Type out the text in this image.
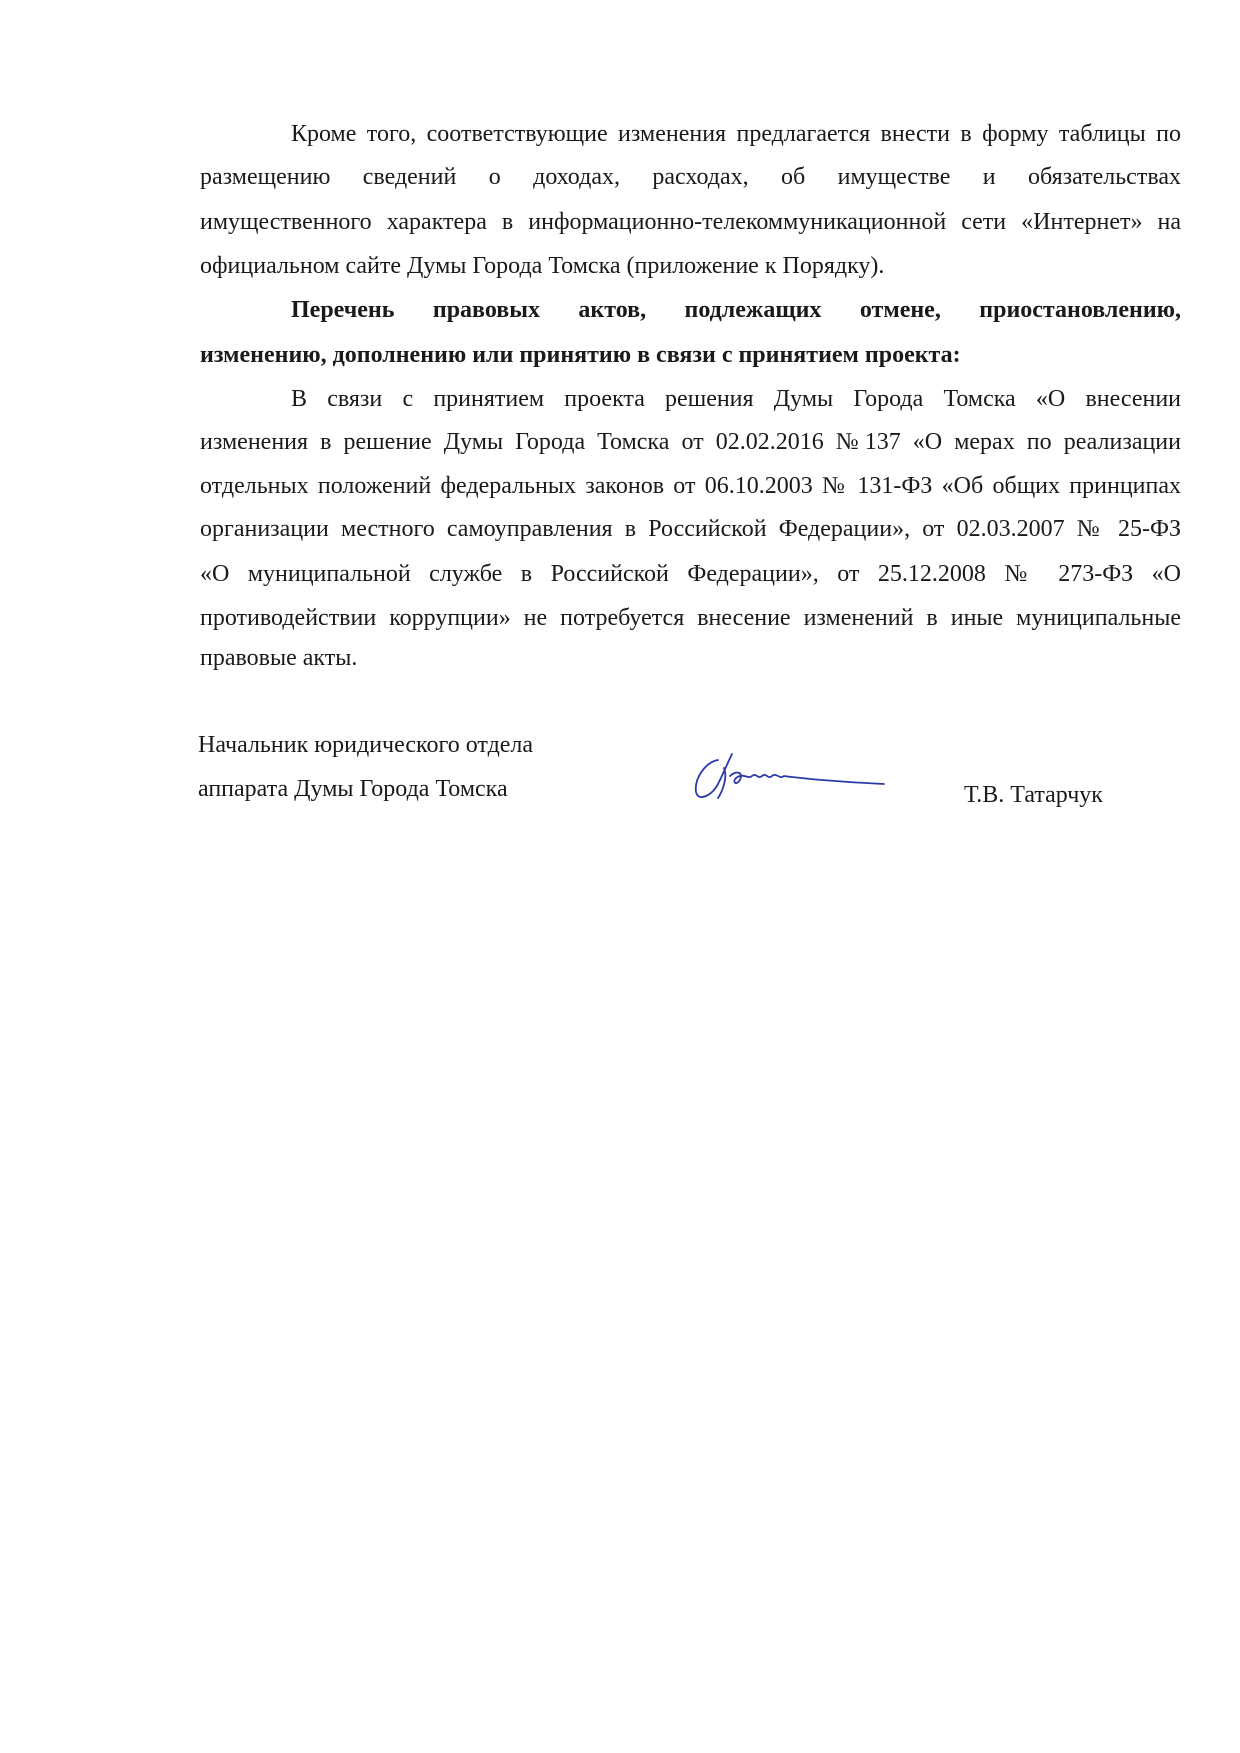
Кроме того, соответствующие изменения предлагается внести в форму таблицы по
размещению сведений о доходах, расходах, об имуществе и обязательствах
имущественного характера в информационно-телекоммуникационной сети «Интернет» на
официальном сайте Думы Города Томска (приложение к Порядку).
Перечень правовых актов, подлежащих отмене, приостановлению,
изменению, дополнению или принятию в связи с принятием проекта:
В связи с принятием проекта решения Думы Города Томска «О внесении
изменения в решение Думы Города Томска от 02.02.2016 №137 «О мерах по реализации
отдельных положений федеральных законов от 06.10.2003 № 131-ФЗ «Об общих принципах
организации местного самоуправления в Российской Федерации», от 02.03.2007 № 25-ФЗ
«О муниципальной службе в Российской Федерации», от 25.12.2008 № 273-ФЗ «О
противодействии коррупции» не потребуется внесение изменений в иные муниципальные
правовые акты.
Начальник юридического отдела
аппарата Думы Города Томска	Т.В. Татарчук
